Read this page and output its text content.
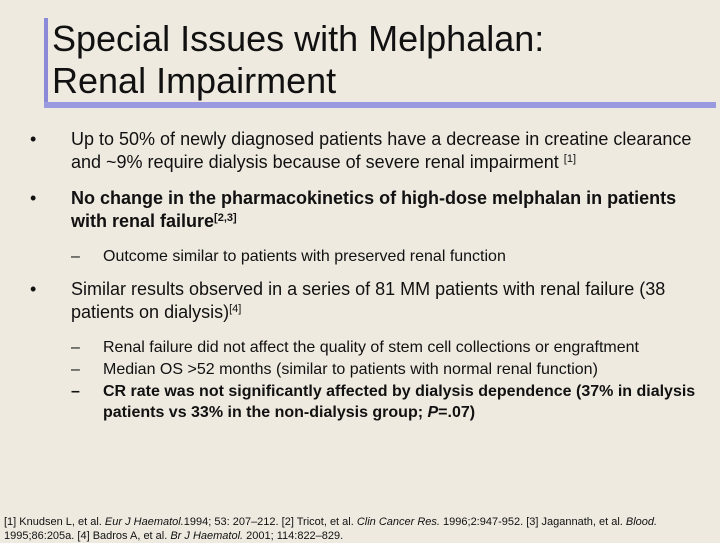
Special Issues with Melphalan:
Renal Impairment
• Up to 50% of newly diagnosed patients have a decrease in creatine clearance and ~9% require dialysis because of severe renal impairment [1]
• No change in the pharmacokinetics of high-dose melphalan in patients with renal failure[2,3]
– Outcome similar to patients with preserved renal function
• Similar results observed in a series of 81 MM patients with renal failure (38 patients on dialysis)[4]
– Renal failure did not affect the quality of stem cell collections or engraftment
– Median OS >52 months (similar to patients with normal renal function)
– CR rate was not significantly affected by dialysis dependence (37% in dialysis patients vs 33% in the non-dialysis group; P=.07)
[1] Knudsen L, et al. Eur J Haematol.1994; 53: 207–212. [2] Tricot, et al. Clin Cancer Res. 1996;2:947-952. [3] Jagannath, et al. Blood. 1995;86:205a. [4] Badros A, et al. Br J Haematol. 2001; 114:822–829.
